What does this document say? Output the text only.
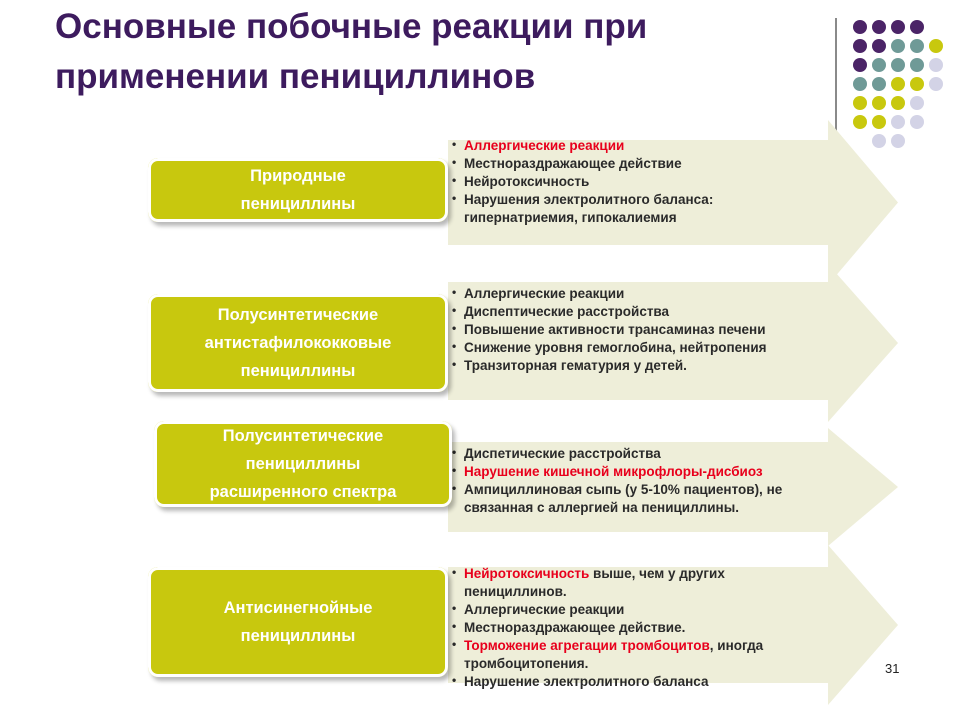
Основные побочные реакции при применении пенициллинов
• Аллергические реакции
• Местнораздражающее действие
• Нейротоксичность
• Нарушения электролитного баланса: гипернатриемия, гипокалиемия
Природные
пенициллины
• Аллергические реакции
• Диспептические расстройства
• Повышение активности трансаминаз печени
• Снижение уровня гемоглобина, нейтропения
• Транзиторная гематурия у детей.
Полусинтетические
антистафилококковые
пенициллины
• Диспетические расстройства
• Нарушение кишечной микрофлоры-дисбиоз
• Ампициллиновая сыпь (у 5-10% пациентов), не связанная с аллергией на пенициллины.
Полусинтетические
пенициллины
расширенного спектра
• Нейротоксичность выше, чем у других пенициллинов.
• Аллергические реакции
• Местнораздражающее действие.
• Торможение агрегации тромбоцитов, иногда тромбоцитопения.
• Нарушение электролитного баланса
Антисинегнойные
пенициллины
31
